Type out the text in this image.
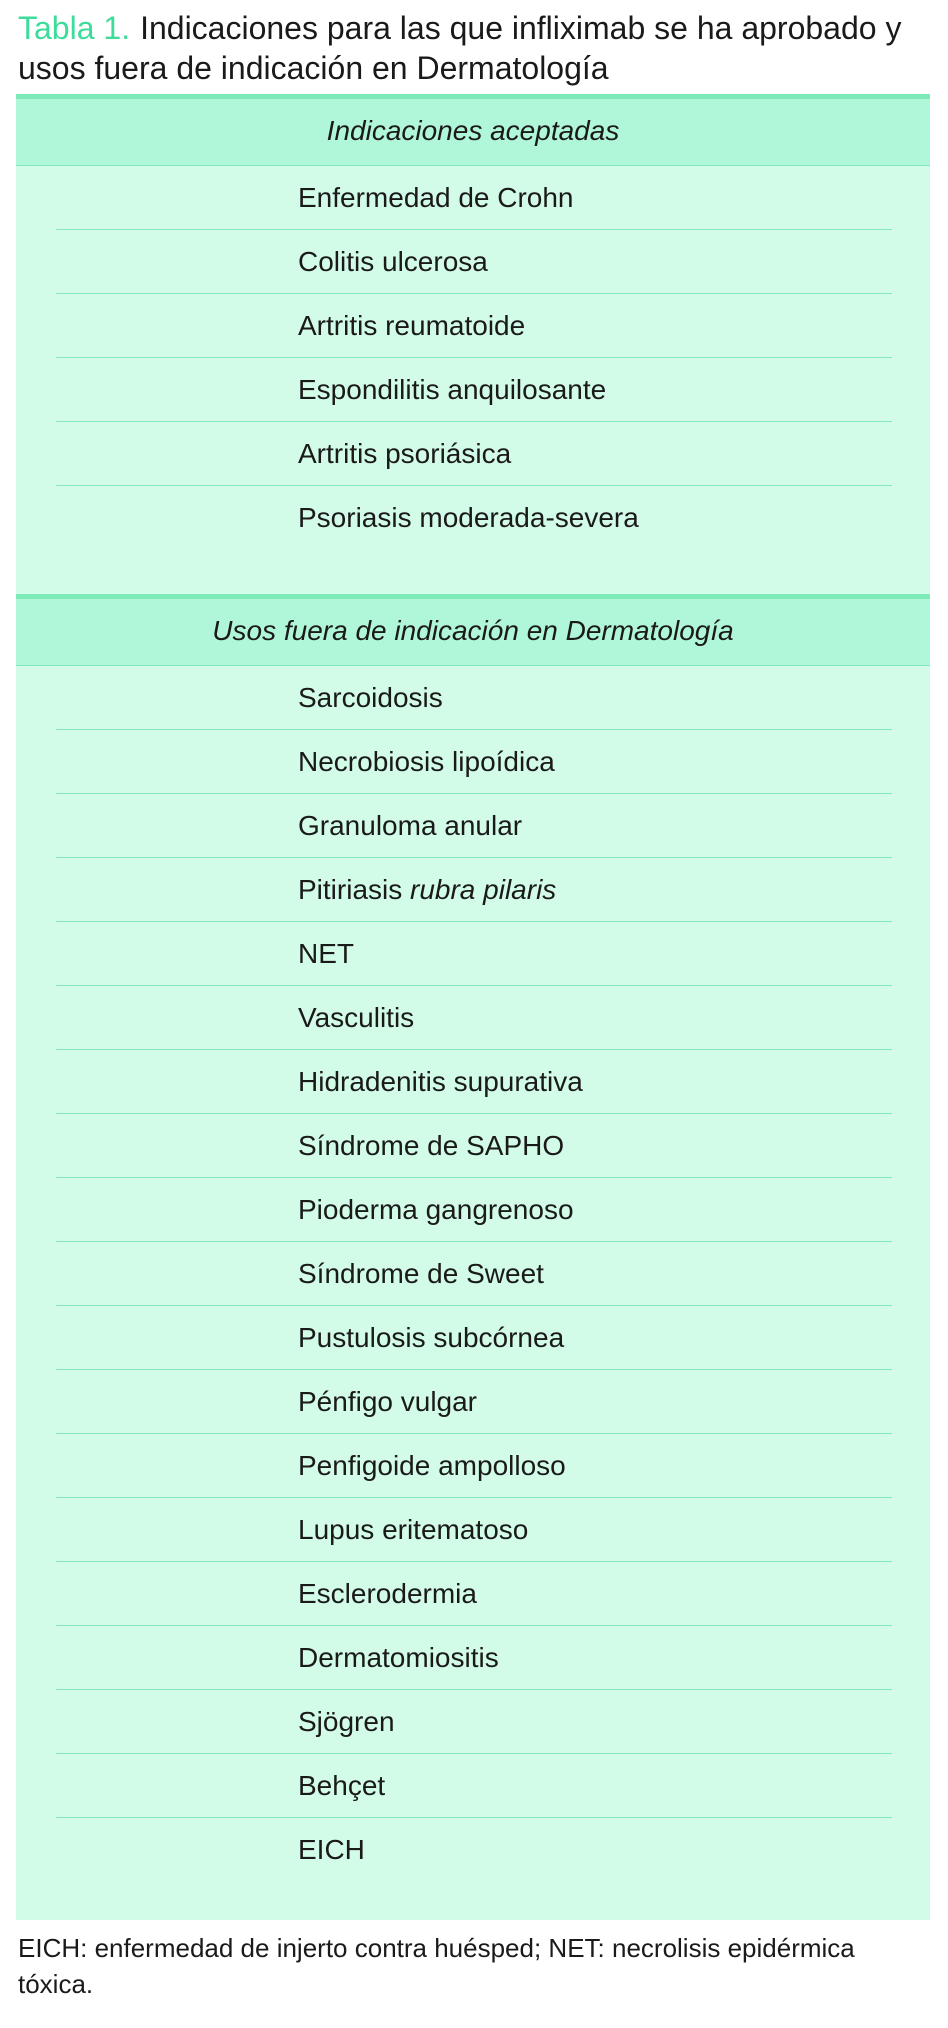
Tabla 1. Indicaciones para las que infliximab se ha aprobado y usos fuera de indicación en Dermatología
Indicaciones aceptadas
Enfermedad de Crohn
Colitis ulcerosa
Artritis reumatoide
Espondilitis anquilosante
Artritis psoriásica
Psoriasis moderada-severa
Usos fuera de indicación en Dermatología
Sarcoidosis
Necrobiosis lipoídica
Granuloma anular
Pitiriasis rubra pilaris
NET
Vasculitis
Hidradenitis supurativa
Síndrome de SAPHO
Pioderma gangrenoso
Síndrome de Sweet
Pustulosis subcórnea
Pénfigo vulgar
Penfigoide ampolloso
Lupus eritematoso
Esclerodermia
Dermatomiositis
Sjögren
Behçet
EICH
EICH: enfermedad de injerto contra huésped; NET: necrolisis epidérmica tóxica.
